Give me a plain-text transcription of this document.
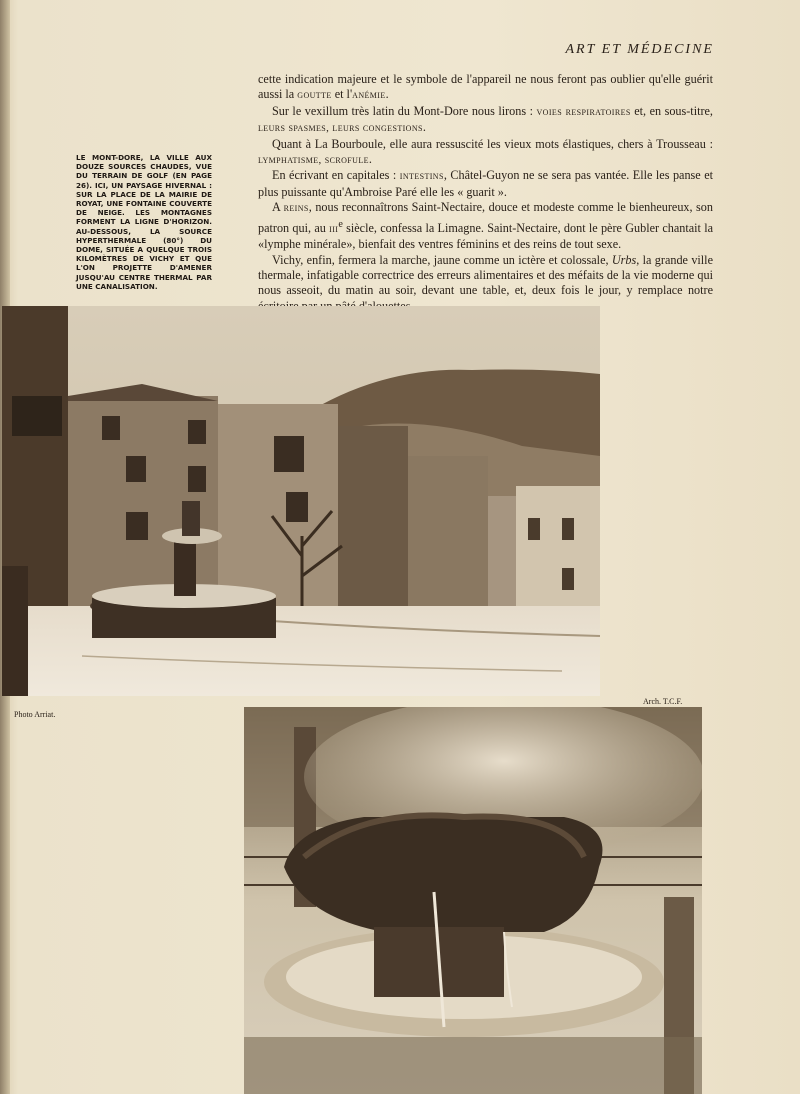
ART ET MÉDECINE
LE MONT-DORE, LA VILLE AUX DOUZE SOURCES CHAUDES, VUE DU TERRAIN DE GOLF (EN PAGE 26). ICI, UN PAYSAGE HIVERNAL : SUR LA PLACE DE LA MAIRIE DE ROYAT, UNE FONTAINE COUVERTE DE NEIGE. LES MONTAGNES FORMENT LA LIGNE D'HORIZON. AU-DESSOUS, LA SOURCE HYPERTHERMALE (80°) DU DOME, SITUÉE A QUELQUE TROIS KILOMÈTRES DE VICHY ET QUE L'ON PROJETTE D'AMENER JUSQU'AU CENTRE THERMAL PAR UNE CANALISATION.

cette indication majeure et le symbole de l'appareil ne nous feront pas oublier qu'elle guérit aussi la goutte et l'anémie.

Sur le vexillum très latin du Mont-Dore nous lirons : voies respiratoires et, en sous-titre, leurs spasmes, leurs congestions.

Quant à La Bourboule, elle aura ressuscité les vieux mots élastiques, chers à Trousseau : lymphatisme, scrofule.

En écrivant en capitales : intestins, Châtel-Guyon ne se sera pas vantée. Elle les panse et plus puissante qu'Ambroise Paré elle les « guarit ».

A reins, nous reconnaîtrons Saint-Nectaire, douce et modeste comme le bienheureux, son patron qui, au iii$^e$ siècle, confessa la Limagne. Saint-Nectaire, dont le père Gubler chantait la «lymphe minérale», bienfait des ventres féminins et des reins de tout sexe.

Vichy, enfin, fermera la marche, jaune comme un ictère et colossale, Urbs, la grande ville thermale, infatigable correctrice des erreurs alimentaires et des méfaits de la vie moderne qui nous asseoit, du matin au soir, devant une table, et, deux fois le jour, y remplace notre

Arch. T.C.F.
Photo Arriat.
